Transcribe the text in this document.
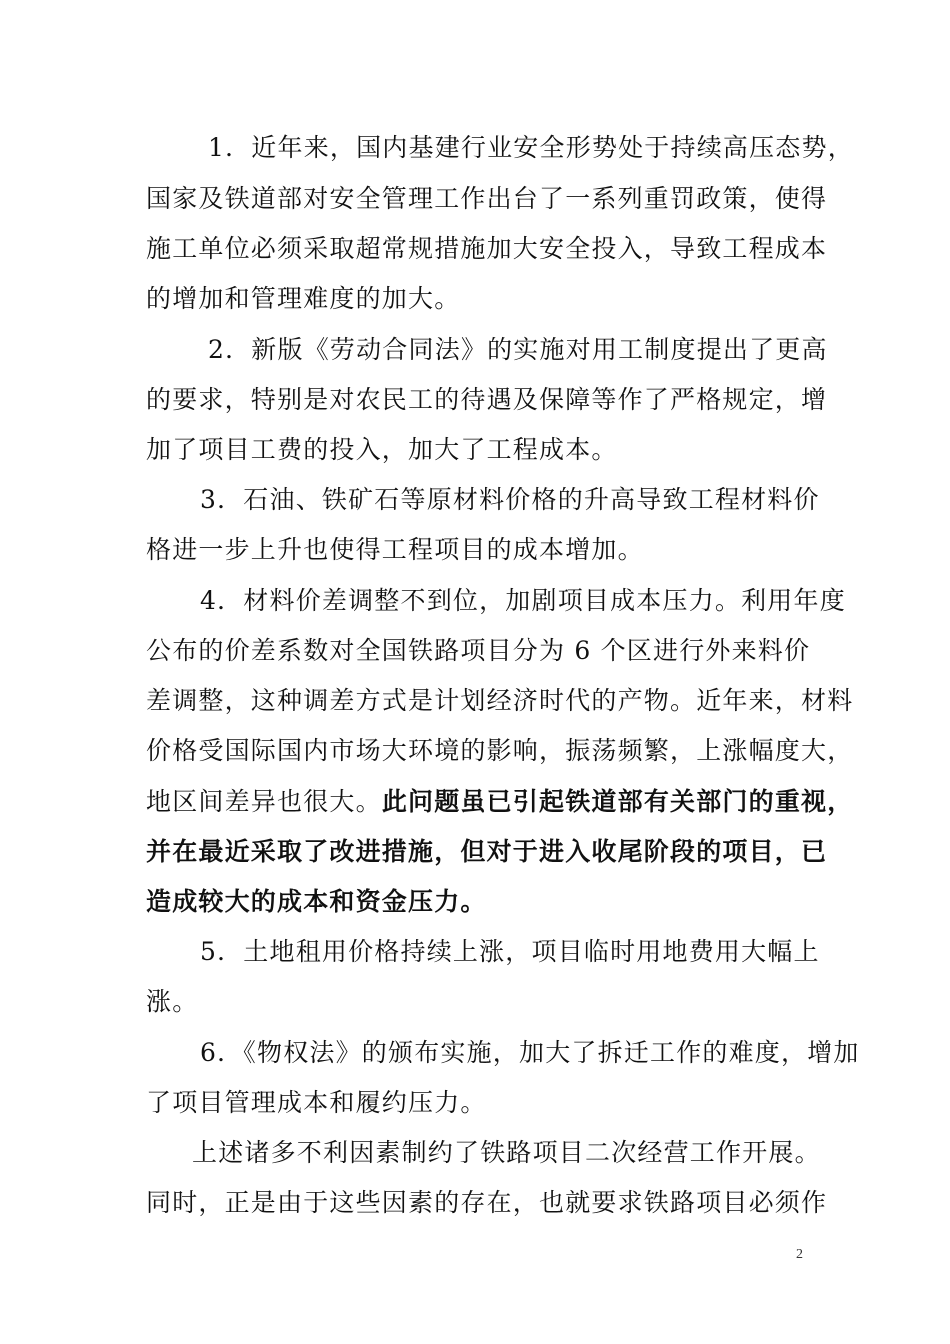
1．近年来，国内基建行业安全形势处于持续高压态势，
国家及铁道部对安全管理工作出台了一系列重罚政策，使得
施工单位必须采取超常规措施加大安全投入，导致工程成本
的增加和管理难度的加大。
2．新版《劳动合同法》的实施对用工制度提出了更高
的要求，特别是对农民工的待遇及保障等作了严格规定，增
加了项目工费的投入，加大了工程成本。
3．石油、铁矿石等原材料价格的升高导致工程材料价
格进一步上升也使得工程项目的成本增加。
4．材料价差调整不到位，加剧项目成本压力。利用年度
公布的价差系数对全国铁路项目分为 6 个区进行外来料价
差调整，这种调差方式是计划经济时代的产物。近年来，材料
价格受国际国内市场大环境的影响，振荡频繁，上涨幅度大，
地区间差异也很大。此问题虽已引起铁道部有关部门的重视，
并在最近采取了改进措施，但对于进入收尾阶段的项目，已
造成较大的成本和资金压力。
5．土地租用价格持续上涨，项目临时用地费用大幅上
涨。
6．《物权法》的颁布实施，加大了拆迁工作的难度，增加
了项目管理成本和履约压力。
上述诸多不利因素制约了铁路项目二次经营工作开展。
同时，正是由于这些因素的存在，也就要求铁路项目必须作
2
